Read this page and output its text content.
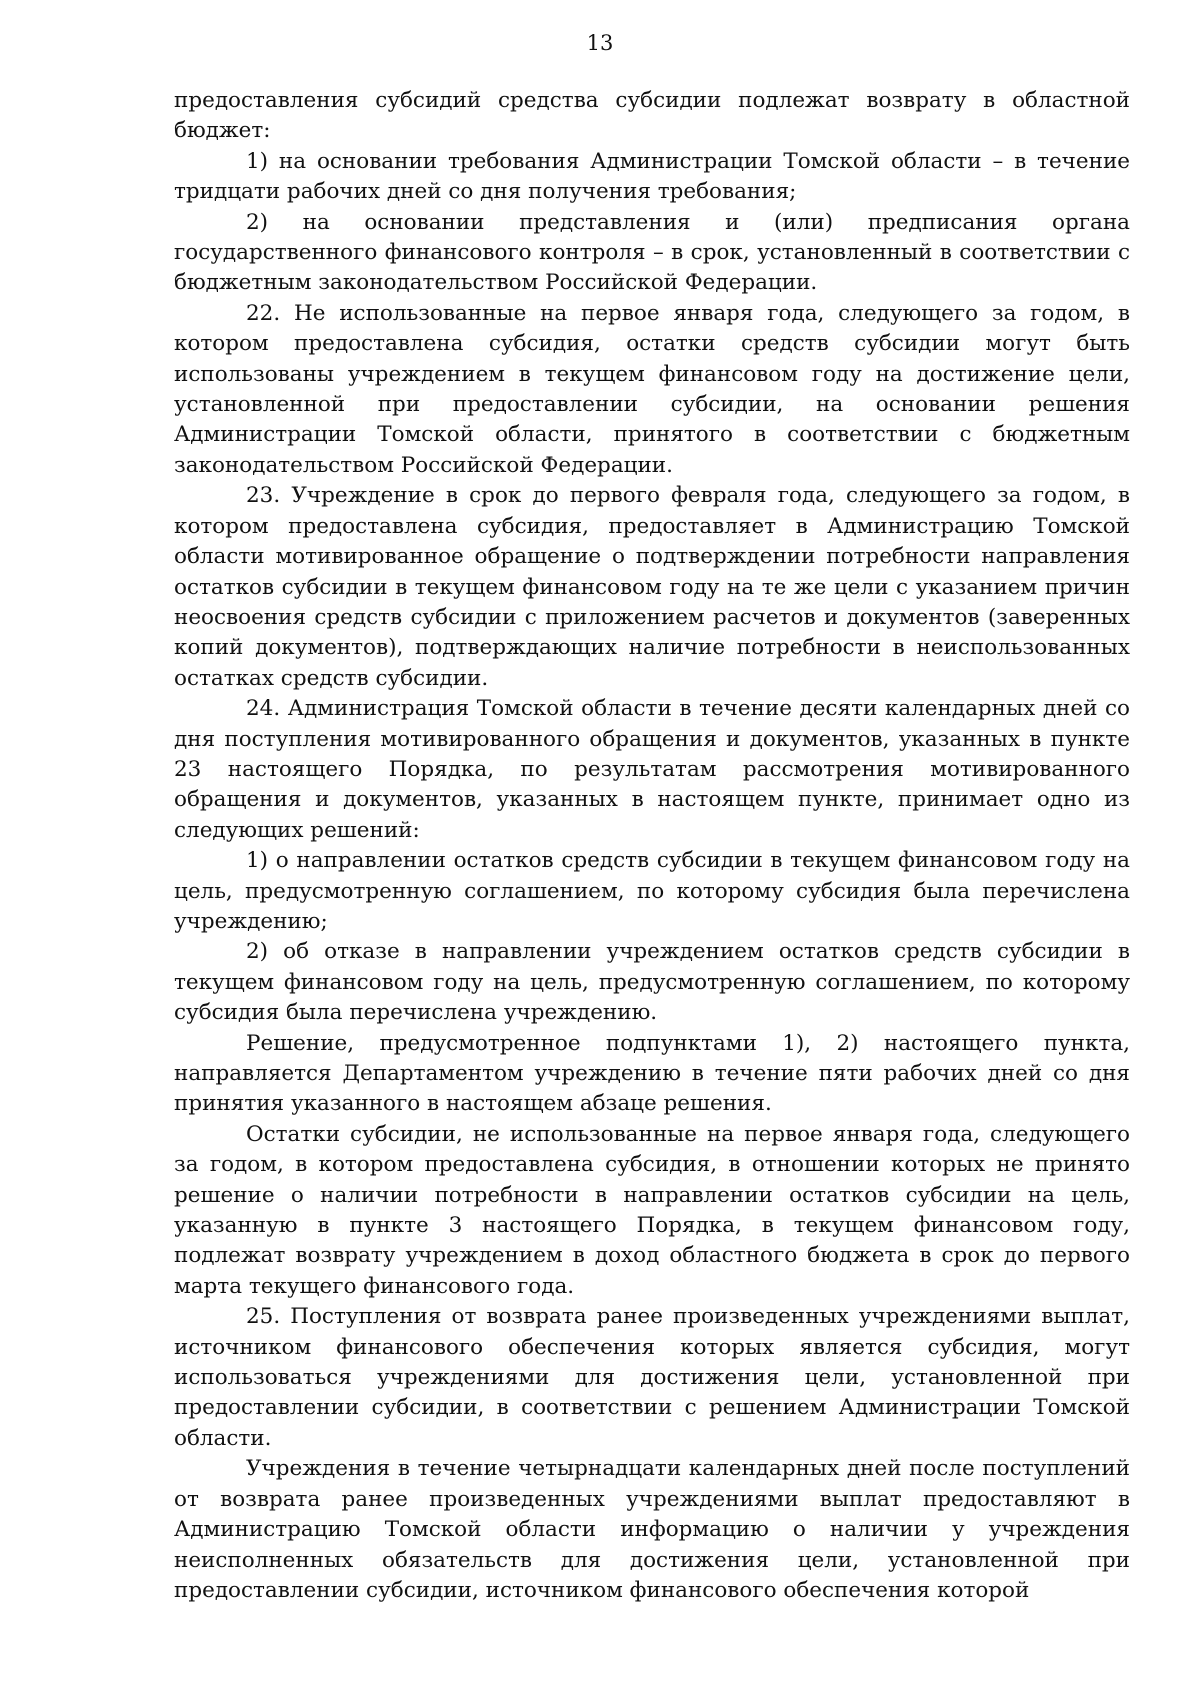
13

предоставления субсидий средства субсидии подлежат возврату в областной бюджет:

1) на основании требования Администрации Томской области – в течение тридцати рабочих дней со дня получения требования;

2) на основании представления и (или) предписания органа государственного финансового контроля – в срок, установленный в соответствии с бюджетным законодательством Российской Федерации.

22. Не использованные на первое января года, следующего за годом, в котором предоставлена субсидия, остатки средств субсидии могут быть использованы учреждением в текущем финансовом году на достижение цели, установленной при предоставлении субсидии, на основании решения Администрации Томской области, принятого в соответствии с бюджетным законодательством Российской Федерации.

23. Учреждение в срок до первого февраля года, следующего за годом, в котором предоставлена субсидия, предоставляет в Администрацию Томской области мотивированное обращение о подтверждении потребности направления остатков субсидии в текущем финансовом году на те же цели с указанием причин неосвоения средств субсидии с приложением расчетов и документов (заверенных копий документов), подтверждающих наличие потребности в неиспользованных остатках средств субсидии.

24. Администрация Томской области в течение десяти календарных дней со дня поступления мотивированного обращения и документов, указанных в пункте 23 настоящего Порядка, по результатам рассмотрения мотивированного обращения и документов, указанных в настоящем пункте, принимает одно из следующих решений:

1) о направлении остатков средств субсидии в текущем финансовом году на цель, предусмотренную соглашением, по которому субсидия была перечислена учреждению;

2) об отказе в направлении учреждением остатков средств субсидии в текущем финансовом году на цель, предусмотренную соглашением, по которому субсидия была перечислена учреждению.

Решение, предусмотренное подпунктами 1), 2) настоящего пункта, направляется Департаментом учреждению в течение пяти рабочих дней со дня принятия указанного в настоящем абзаце решения.

Остатки субсидии, не использованные на первое января года, следующего за годом, в котором предоставлена субсидия, в отношении которых не принято решение о наличии потребности в направлении остатков субсидии на цель, указанную в пункте 3 настоящего Порядка, в текущем финансовом году, подлежат возврату учреждением в доход областного бюджета в срок до первого марта текущего финансового года.

25. Поступления от возврата ранее произведенных учреждениями выплат, источником финансового обеспечения которых является субсидия, могут использоваться учреждениями для достижения цели, установленной при предоставлении субсидии, в соответствии с решением Администрации Томской области.

Учреждения в течение четырнадцати календарных дней после поступлений от возврата ранее произведенных учреждениями выплат предоставляют в Администрацию Томской области информацию о наличии у учреждения неисполненных обязательств для достижения цели, установленной при предоставлении субсидии, источником финансового обеспечения которой
